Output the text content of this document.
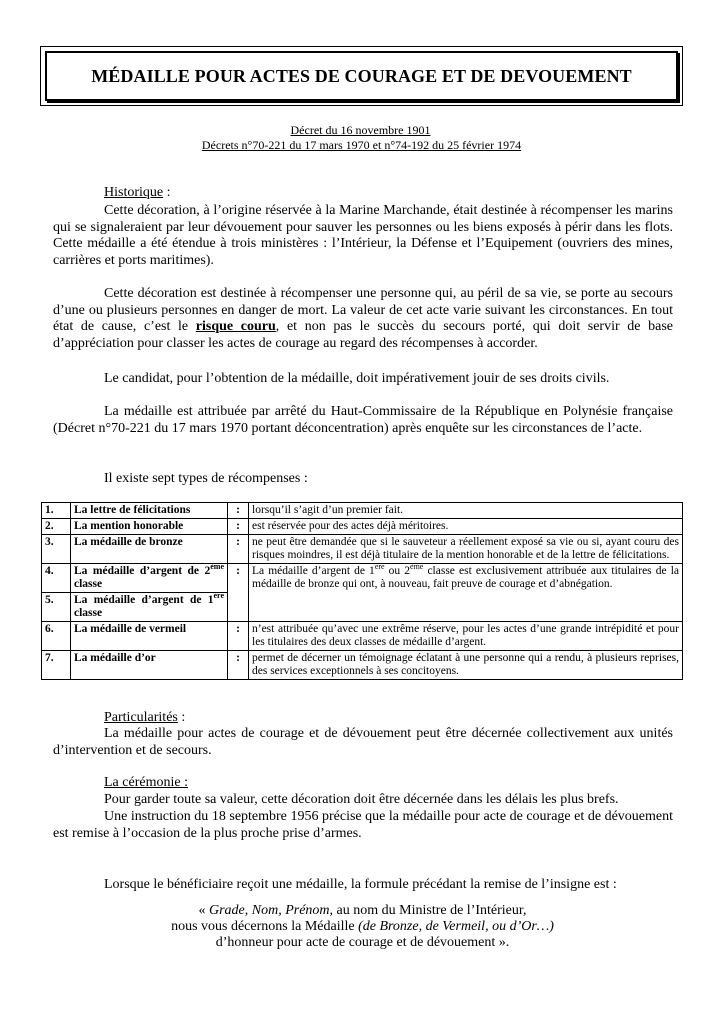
MÉDAILLE POUR ACTES DE COURAGE ET DE DEVOUEMENT
Décret du 16 novembre 1901
Décrets n°70-221 du 17 mars 1970 et n°74-192 du 25 février 1974
Historique :
Cette décoration, à l’origine réservée à la Marine Marchande, était destinée à récompenser les marins qui se signaleraient par leur dévouement pour sauver les personnes ou les biens exposés à périr dans les flots. Cette médaille a été étendue à trois ministères : l’Intérieur, la Défense et l’Equipement (ouvriers des mines, carrières et ports maritimes).
Cette décoration est destinée à récompenser une personne qui, au péril de sa vie, se porte au secours d’une ou plusieurs personnes en danger de mort. La valeur de cet acte varie suivant les circonstances. En tout état de cause, c’est le risque couru, et non pas le succès du secours porté, qui doit servir de base d’appréciation pour classer les actes de courage au regard des récompenses à accorder.
Le candidat, pour l’obtention de la médaille, doit impérativement jouir de ses droits civils.
La médaille est attribuée par arrêté du Haut-Commissaire de la République en Polynésie française (Décret n°70-221 du 17 mars 1970 portant déconcentration) après enquête sur les circonstances de l’acte.
Il existe sept types de récompenses :
1.	La lettre de félicitations	:	lorsqu’il s’agit d’un premier fait.
2.	La mention honorable	:	est réservée pour des actes déjà méritoires.
3.	La médaille de bronze	:	ne peut être demandée que si le sauveteur a réellement exposé sa vie ou si, ayant couru des risques moindres, il est déjà titulaire de la mention honorable et de la lettre de félicitations.
4.	La médaille d’argent de 2ème classe	:	La médaille d’argent de 1ère ou 2ème classe est exclusivement attribuée aux titulaires de la médaille de bronze qui ont, à nouveau, fait preuve de courage et d’abnégation.
5.	La médaille d’argent de 1ère classe		
6.	La médaille de vermeil	:	n’est attribuée qu’avec une extrême réserve, pour les actes d’une grande intrépidité et pour les titulaires des deux classes de médaille d’argent.
7.	La médaille d’or	:	permet de décerner un témoignage éclatant à une personne qui a rendu, à plusieurs reprises, des services exceptionnels à ses concitoyens.
Particularités :
La médaille pour actes de courage et de dévouement peut être décernée collectivement aux unités d’intervention et de secours.
La cérémonie :
Pour garder toute sa valeur, cette décoration doit être décernée dans les délais les plus brefs.
Une instruction du 18 septembre 1956 précise que la médaille pour acte de courage et de dévouement est remise à l’occasion de la plus proche prise d’armes.
Lorsque le bénéficiaire reçoit une médaille, la formule précédant la remise de l’insigne est :
« Grade, Nom, Prénom, au nom du Ministre de l’Intérieur,
nous vous décernons la Médaille (de Bronze, de Vermeil, ou d’Or…)
d’honneur pour acte de courage et de dévouement ».
